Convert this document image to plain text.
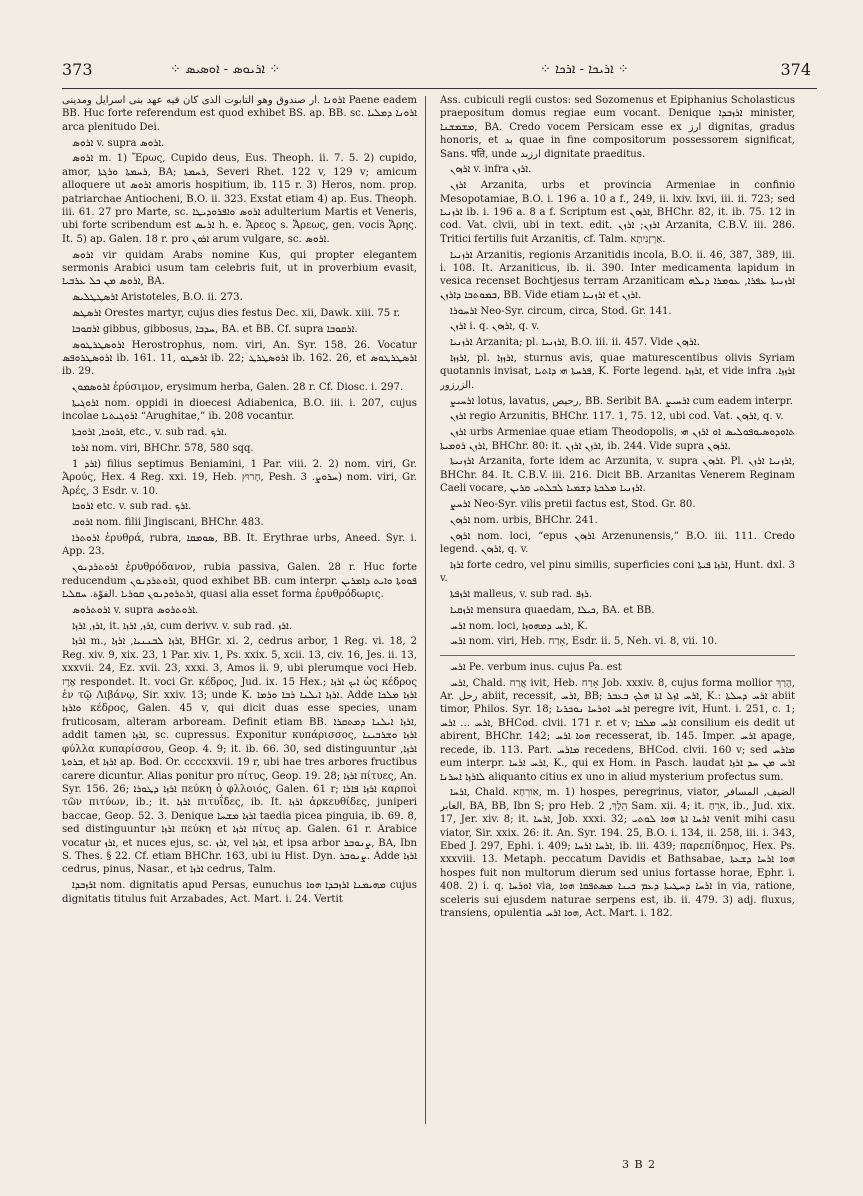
373	⁘ ܐܪܝܘܣ - ܐܘܣܝܣ ⁘	⁘ ܐܪܝܟܐ - ܐܪܟܐ ⁘	374

ܐܪܘܢܐ .ار صندوق وهو التابوت الذى كان فيه عهد بنى اسرايل ومدينى Paene eadem BB. Huc forte referendum est quod exhibet BS. ap. BB. sc. ܐܪܘܢܐ ܕܡܠܝܐ arca plenitudo Dei.

ܐܪܘܣ v. supra ܐܪܘܣ.

ܐܪܘܣ m. 1) Ἔρως, Cupido deus, Eus. Theoph. ii. 7. 5. 2) cupido, amor, ܪܚܡܬܐ ܘܪܓܬܐ, BA; ܪܚܡܬܐ, Severi Rhet. 122 v, 129 v; amicum alloquere ut ܐܪܘܣ amoris hospitium, ib. 115 r. 3) Heros, nom. prop. patriarchae Antiocheni, B.O. ii. 323. Exstat etiam 4) ap. Eus. Theoph. iii. 61. 27 pro Marte, sc. ܐܪܘܣ ܘܐܦܪܘܕܝܛܐ adulterium Martis et Veneris, ubi forte scribendum est ܐܪܝܣ h. e. Ἄρεος s. Ἄρεως, gen. vocis Ἄρης. It. 5) ap. Galen. 18 r. pro ܐܪܘܢ arum vulgare, sc. ܐܪܘܣ.

ܐܪܘܣ vir quidam Arabs nomine Kus, qui propter elegantem sermonis Arabici usum tam celebris fuit, ut in proverbium evasit, ܐܪܘܣ ܡܢ ܟܠ ܥܪܒܝܐ, BA.

ܐܪܣܛܛܠܝܣ Aristoteles, B.O. ii. 273.

ܐܪܣܛܣ Orestes martyr, cujus dies festus Dec. xii, Dawk. xiii. 75 r.

ܐܪܩܘܒܐ gibbus, gibbosus, ܚܕܒܐ, BA. et BB. Cf. supra ܐܪܩܘܒܐ.

ܐܪܘܣܛܪܛܘܣ Herostrophus, nom. viri, An. Syr. 158. 26. Vocatur ܐܪܘܣܛܪܘܦܣ ib. 161. 11, ܐܪܣܛܘ ib. 22; ܐܪܘܣܛܪܛ ib. 162. 26, et ܐܪܣܛܪܛܘܣ ib. 29.

ܐܪܘܣܡܘܢ ἐρύσιμον, erysimum herba, Galen. 28 r. Cf. Diosc. i. 297.

ܐܪܘܓܝܬܐ nom. oppidi in dioecesi Adiabenica, B.O. iii. i. 207, cujus incolae ܐܪܘܓܝܬܝܐ “Arughitae,” ib. 208 vocantur.

ܐܪܘܟܐ, ܐܪܘܟܬܐ, etc., v. sub rad. ܐܪܟ.

ܐܪܘܐ nom. viri, BHChr. 578, 580 sqq.

ܐܪܕ 1) filius septimus Beniamini, 1 Par. viii. 2. 2) nom. viri, Gr. Ἀρούς, Hex. 4 Reg. xxi. 19, Heb. חָרוּץ, Pesh. ܚܪܘܨ. 3) nom. viri, Gr. Ἀρές, 3 Esdr. v. 10.

ܐܪܘܟܐ etc. v. sub rad. ܐܪܟ.

ܐܪܘܩ nom. filii Jingiscani, BHChr. 483.

ܐܪܘܬܪܐ ἐρυθρά, rubra, ܣܘܡܩܐ, BB. It. Erythrae urbs, Aneed. Syr. i. App. 23.

ܐܪܘܬܪܕܢܘܢ ἐρυθρόδανον, rubia passiva, Galen. 28 r. Huc forte reducendum ܐܪܘܬܪܕܢܘܢ, quod exhibet BB. cum interpr. ܦܘܘܬܐ ܘܐܝܬ ܕܐܡܪܝܢ ܐܪܬܪܘܕܢܘܢ ܩܘܪܝܐ .الفوّة. ܚܩܠܝܐ, quasi alia esset forma ἐρυθρόδωρις.

ܐܪܘܬܪܘܣ v. supra ܐܪܘܬܪܘܣ.

ܐܪܙ, ܐܪܙܐ, it. ܐܪܙ, ܐܪܙܐ, cum derivv. v. sub rad. ܐܪܙ.

ܐܪܙܐ m., ܐܪܙܐ ܠܒܢܢܝܐ, ܐܪܙܐ, BHGr. xi. 2, cedrus arbor, 1 Reg. vi. 18, 2 Reg. xiv. 9, xix. 23, 1 Par. xiv. 1, Ps. xxix. 5, xcii. 13, civ. 16, Jes. ii. 13, xxxvii. 24, Ez. xvii. 23, xxxi. 3, Amos ii. 9, ubi plerumque voci Heb. אֶרֶז respondet. It. voci Gr. κέδρος, Jud. ix. 15 Hex.; ܐܝܟ ܐܪܙܐ ὡς κέδρος ἐν τῷ Λιβάνῳ, Sir. xxiv. 13; unde K. ܐܪܙܐ ܐܝܠܢܐ ܪܒܐ ܘܪܡܐ. Adde ܐܪܙܐ ܡܠܟܐ ܘܐܪܙܐ κέδρος, Galen. 45 v, qui dicit duas esse species, unam fruticosam, alteram arboream. Definit etiam BB. ܐܪܙܐ ܐܝܠܢܐ ܕܡܬܩܪܐ, addit tamen ܐܪܙܐ, sc. cupressus. Exponitur κυπάρισσος, ܐܪܙܐ ܘܫܪܒܝܢܐ φύλλα κυπαρίσσου, Geop. 4. 9; it. ib. 66. 30, sed distinguuntur ܐܪܙܐ, ܒܪܘܬܐ, et ܐܪܙܐ ap. Bod. Or. ccccxxvii. 19 r, ubi hae tres arbores fructibus carere dicuntur. Alias ponitur pro πίτυς, Geop. 19. 28; ܐܪܙܐ πίτυες, An. Syr. 156. 26; ܐܪܙܐ ܕܛܘܪܐ πεύκη ὁ φλλοιός, Galen. 61 r; ܐܪܙܐ ܦܐܪܐ καρποὶ τῶν πιτύων, ib.; it. ܐܪܙܐ πιτυΐδες, ib. It. ܐܪܙܐ ἀρκευθίδες, juniperi baccae, Geop. 52. 3. Denique ܐܪܙܐ ܡܫܚܐ taedia picea pinguia, ib. 69. 8, sed distinguuntur ܐܪܙܐ πεύκη et ܐܪܙܐ πίτυς ap. Galen. 61 r. Arabice vocatur ܐܪܙ, et nuces ejus, sc. ܐܪܙ, vel ܐܪܙܐ, et ipsa arbor ܨܢܘܒܪ, BA, Ibn S. Thes. § 22. Cf. etiam BHChr. 163, ubi iu Hist. Dyn. ܨܢܘܒܪ. Adde ܐܪܙܐ cedrus, pinus, Nasar., et ܐܪܙܐ cedrus, Talm.

ܐܪܙܒܕܐ nom. dignitatis apud Persas, eunuchus ܡܗܝܡܢܐ ܐܪܙܒܕܐ ܗܘܐ cujus dignitatis titulus fuit Arzabades, Act. Mart. i. 24. Vertit

Ass. cubiculi regii custos: sed Sozomenus et Epiphanius Scholasticus praepositum domus regiae eum vocant. Denique ܐܪܙܒܕܐ minister, ܡܫܡܫܢܐ, BA. Credo vocem Persicam esse ex ارز dignitas, gradus honoris, et بد quae in fine compositorum possessorem significat, Sans. पति, unde ارزبد dignitate praeditus.

ܐܪܙܘܢ v. infra ܐܪܙܢ.

ܐܪܙܢ Arzanita, urbs et provincia Armeniae in confinio Mesopotamiae, B.O. i. 196 a. 10 a f., 249, ii. lxiv. lxvi, iii. ii. 723; sed ܐܪܙܢܝܐ ib. i. 196 a. 8 a f. Scriptum est ܐܪܙܘܢ, BHChr. 82, it. ib. 75. 12 in cod. Vat. clvii, ubi in text. edit. ܐܪܙܢ; ܐܪܙܢ Arzanita, C.B.V. iii. 286. Tritici fertilis fuit Arzanitis, cf. Talm. אַרְזָנִיתָא.

ܐܪܙܢܝܐ Arzanitis, regionis Arzanitidis incola, B.O. ii. 46, 387, 389, iii. i. 108. It. Arzaniticus, ib. ii. 390. Inter medicamenta lapidum in vesica recenset Bochtjesus terram Arzaniticam ܐܪܙܢܝܬܐ ܥܦܪܐ, ܥܘܡܪܐ ܕܝܠܗ ܒܡܘܬܒܐ ܕܐܪܙܢ, BB. Vide etiam ܐܪܙܢܝܐ et ܐܪܙܢ.

ܐܪܚܘܪܐ Neo-Syr. circum, circa, Stod. Gr. 141.

ܐܪܙܢ i. q. ܐܪܙܘܢ, q. v.

ܐܪܙܢܝܐ Arzanita; pl. ܐܪܙܢܝܐ, B.O. iii. ii. 457. Vide ܐܪܙܘܢ.

ܐܪܙܙܐ, pl. ܐܪܙܙܐ, sturnus avis, quae maturescentibus olivis Syriam quotannis invisat, ܦܪܚܬܐ ܗܝ ܕܐܬܝܐ, K. Forte legend. ܐܪܙܙܐ, et vide infra ܐܪܙܙܐ. .الزرزور

ܐܪܚܝܨ lotus, lavatus, رحيص, BB. Seribit BA. ܐܪܚܝܨ cum eadem interpr.

ܐܪܙܢ regio Arzunitis, BHChr. 117. 1, 75. 12, ubi cod. Vat. ܐܪܙܘܢ, q. v.

ܐܪܙܢ urbs Armeniae quae etiam Theodopolis, ܬܐܘܕܘܣܝܘܦܘܠܝܣ ܐܘ ܐܪܙܢ ܗܝ ܐܪܙܢ ܪܘܡܝܬܐ, BHChr. 80: it. ܐܪܙܢ ܐܪܙܢ, ib. 244. Vide supra ܐܪܙܘܢ.

ܐܪܙܢܝܬܐ Arzanita, forte idem ac Arzunita, v. supra ܐܪܙܘܢ. Pl. ܐܪܙܢܝܐ ܐܪܙܢ, BHChr. 84. It. C.B.V. iii. 216. Dicit BB. Arzanitas Venerem Reginam Caeli vocare, ܐܪܙܢܝܐ ܡܠܟܬܐ ܕܫܡܝܐ ܠܒܠܬܝ ܩܪܝܢ.

ܐܪܚܨ Neo-Syr. vilis pretii factus est, Stod. Gr. 80.

ܐܪܙܘܢ nom. urbis, BHChr. 241.

ܐܪܙܘܢ nom. loci, “epus ܐܪܙܘܢ Arzenunensis,” B.O. iii. 111. Credo legend. ܐܪܙܘܢ, q. v.

ܐܪܙܐ forte cedro, vel pinu similis, superficies coni ܐܪܙܐ ܦܝܬܐ, Hunt. dxl. 3 v.

ܐܪܙܦܬܐ malleus, v. sub rad. ܪܙܦ.

ܐܪܙܩܝܐ mensura quaedam, ܟܝܠܐ, BA. et BB.

ܐܪܚ nom. loci, ܐܪܚ ܕܡܗܘܙܐ, K.

ܐܪܚ nom. viri, Heb. אָרַח, Esdr. ii. 5, Neh. vi. 8, vii. 10.

ܐܪܚ Pe. verbum inus. cujus Pa. est

ܐܪܚ, Chald. אֲרַח ivit, Heb. אָרַח Job. xxxiv. 8, cujus forma mollior הָרַךְ, Ar. رحل abiit, recessit, ܐܪܚ, BB; ܐܪܚ ܐܙܠ ܐܬܐ ܗܠܟ ܒܥܒܪ, K.: ܐܪܚ ܕܚܠܬܐ abiit timor, Philos. Syr. 18; ܐܪܚ ܐܘܪܚܐ ܢܘܟܪܝܐ peregre ivit, Hunt. i. 251, c. 1; ܐܪܚ ... ܐܪܚ, BHCod. clvii. 171 r. et v; ܐܪܚ ܡܠܟܐ consilium eis dedit ut abirent, BHChr. 142; ܗܘܐ ܐܪܚ recesserat, ib. 145. Imper. ܐܪܚ apage, recede, ib. 113. Part. ܡܐܪܚ recedens, BHCod. clvii. 160 v; sed ܡܐܪܚ eum interpr. ܐܪܚ ܐܪܚܐ, K., qui ex Hom. in Pasch. laudat ܐܪܚ ܡܢ ܚܕ ܐܪܙܐ ܠܐܪܙܐ ܐܚܪܢܐ aliquanto citius ex uno in aliud mysterium profectus sum.

ܐܪܚܐ, Chald. אוֹרְחָא, m. 1) hospes, peregrinus, viator, الضيف, المسافر العابر, BA, BB, Ibn S; pro Heb. הֵלֶךְ, 2 Sam. xii. 4; it. אֹרֵחַ, ib., Jud. xix. 17, Jer. xiv. 8; it. ܐܪܚܐ, Job. xxxi. 32; ܐܪܚܐ ܐܬܐ ܗܘܐ ܠܘܬܝ venit mihi casu viator, Sir. xxix. 26: it. An. Syr. 194. 25, B.O. i. 134, ii. 258, iii. i. 343, Ebed J. 297, Ephi. i. 409; ܐܪܚܐ ܐܪܚܐ, ib. iii. 439; παρεπίδημος, Hex. Ps. xxxviii. 13. Metaph. peccatum Davidis et Bathsabae, ܗܘܐ ܐܪܚܐ ܕܫܥܬܐ hospes fuit non multorum dierum sed unius fortasse horae, Ephr. i. 408. 2) i. q. ܐܘܪܚܐ via, ܐܪܚܐ ܕܚܛܝܬܐ ܕܥܡ ܟܝܢܐ ܡܣܬܦܩܐ ܗܘܐ in via, ratione, sceleris sui ejusdem naturae serpens est, ib. ii. 479. 3) adj. fluxus, transiens, opulentia ܗܘܐ ܐܪܚ, Act. Mart. i. 182.

3 B 2
